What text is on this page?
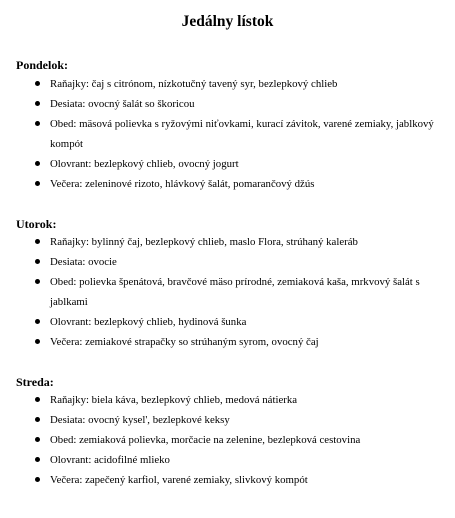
Jedálny lístok
Pondelok:
Raňajky: čaj s citrónom, nízkotučný tavený syr, bezlepkový chlieb
Desiata: ovocný šalát so škoricou
Obed: mäsová polievka s ryžovými niťovkami, kurací závitok, varené zemiaky, jablkový kompót
Olovrant: bezlepkový chlieb, ovocný jogurt
Večera: zeleninové rizoto, hlávkový šalát, pomarančový džús
Utorok:
Raňajky: bylinný čaj, bezlepkový chlieb, maslo Flora, strúhaný kaleráb
Desiata: ovocie
Obed: polievka špenátová, bravčové mäso prírodné, zemiaková kaša, mrkvový šalát s jablkami
Olovrant: bezlepkový chlieb, hydinová šunka
Večera: zemiakové strapačky so strúhaným syrom, ovocný čaj
Streda:
Raňajky: biela káva, bezlepkový chlieb, medová nátierka
Desiata: ovocný kysel', bezlepkové keksy
Obed: zemiaková polievka, morčacie na zelenine, bezlepková cestovina
Olovrant: acidofilné mlieko
Večera: zapečený karfiol, varené zemiaky, slivkový kompót
